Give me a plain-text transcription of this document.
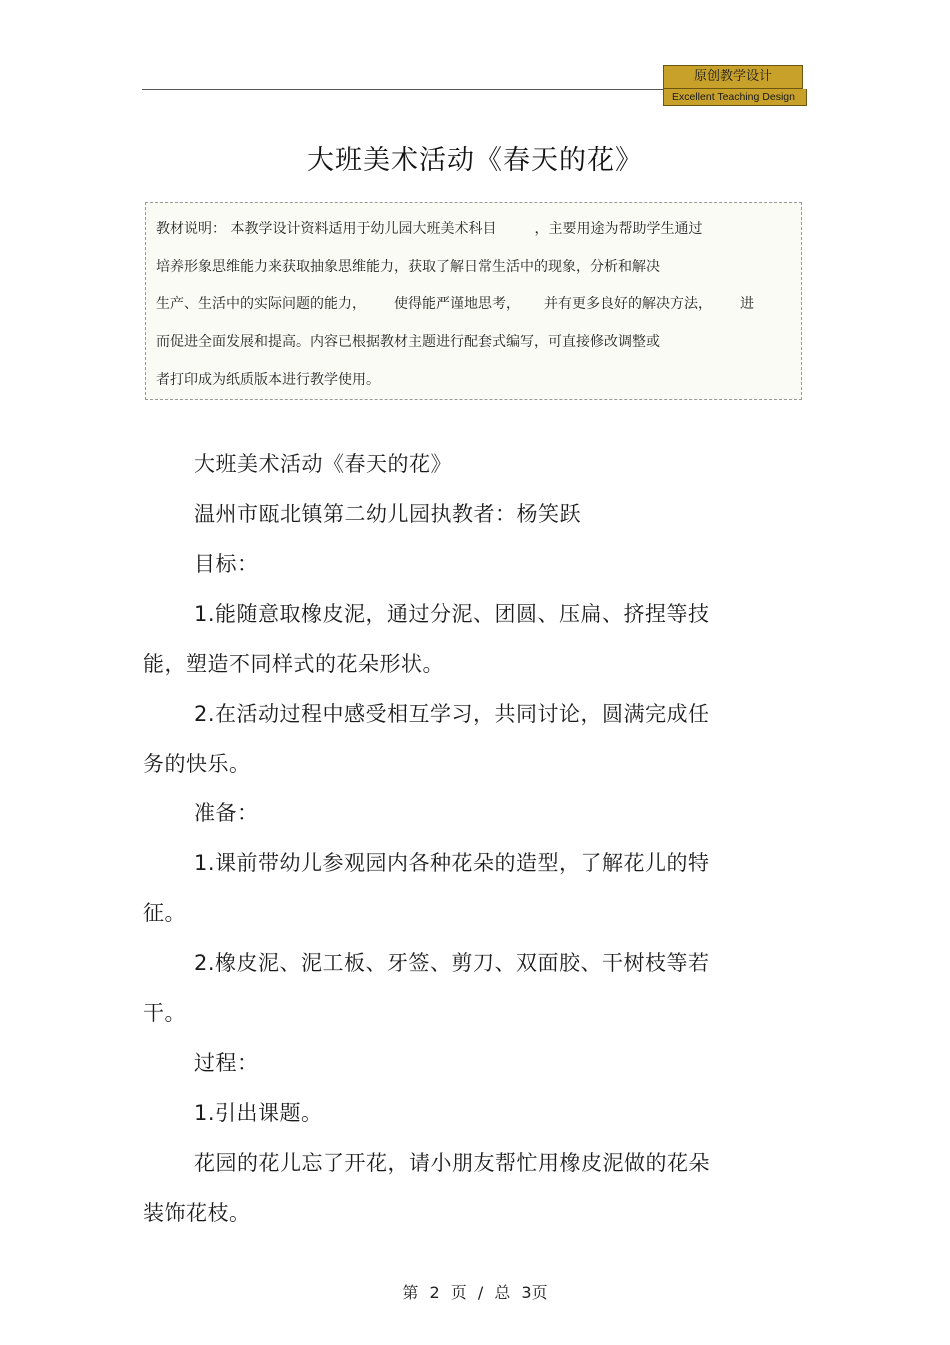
原创教学设计
Excellent Teaching Design
大班美术活动《春天的花》
教材说明： 本教学设计资料适用于幼儿园大班美术科目	，主要用途为帮助学生通过
培养形象思维能力来获取抽象思维能力，获取了解日常生活中的现象，分析和解决
生产、生活中的实际问题的能力， 使得能严谨地思考， 并有更多良好的解决方法， 进
而促进全面发展和提高。内容已根据教材主题进行配套式编写，可直接修改调整或
者打印成为纸质版本进行教学使用。
大班美术活动《春天的花》
温州市瓯北镇第二幼儿园执教者：杨笑跃
目标：
1.能随意取橡皮泥，通过分泥、团圆、压扁、挤捏等技
能，塑造不同样式的花朵形状。
2.在活动过程中感受相互学习，共同讨论，圆满完成任
务的快乐。
准备：
1.课前带幼儿参观园内各种花朵的造型，了解花儿的特
征。
2.橡皮泥、泥工板、牙签、剪刀、双面胶、干树枝等若
干。
过程：
1.引出课题。
花园的花儿忘了开花，请小朋友帮忙用橡皮泥做的花朵
装饰花枝。
第 2 页 / 总 3页
